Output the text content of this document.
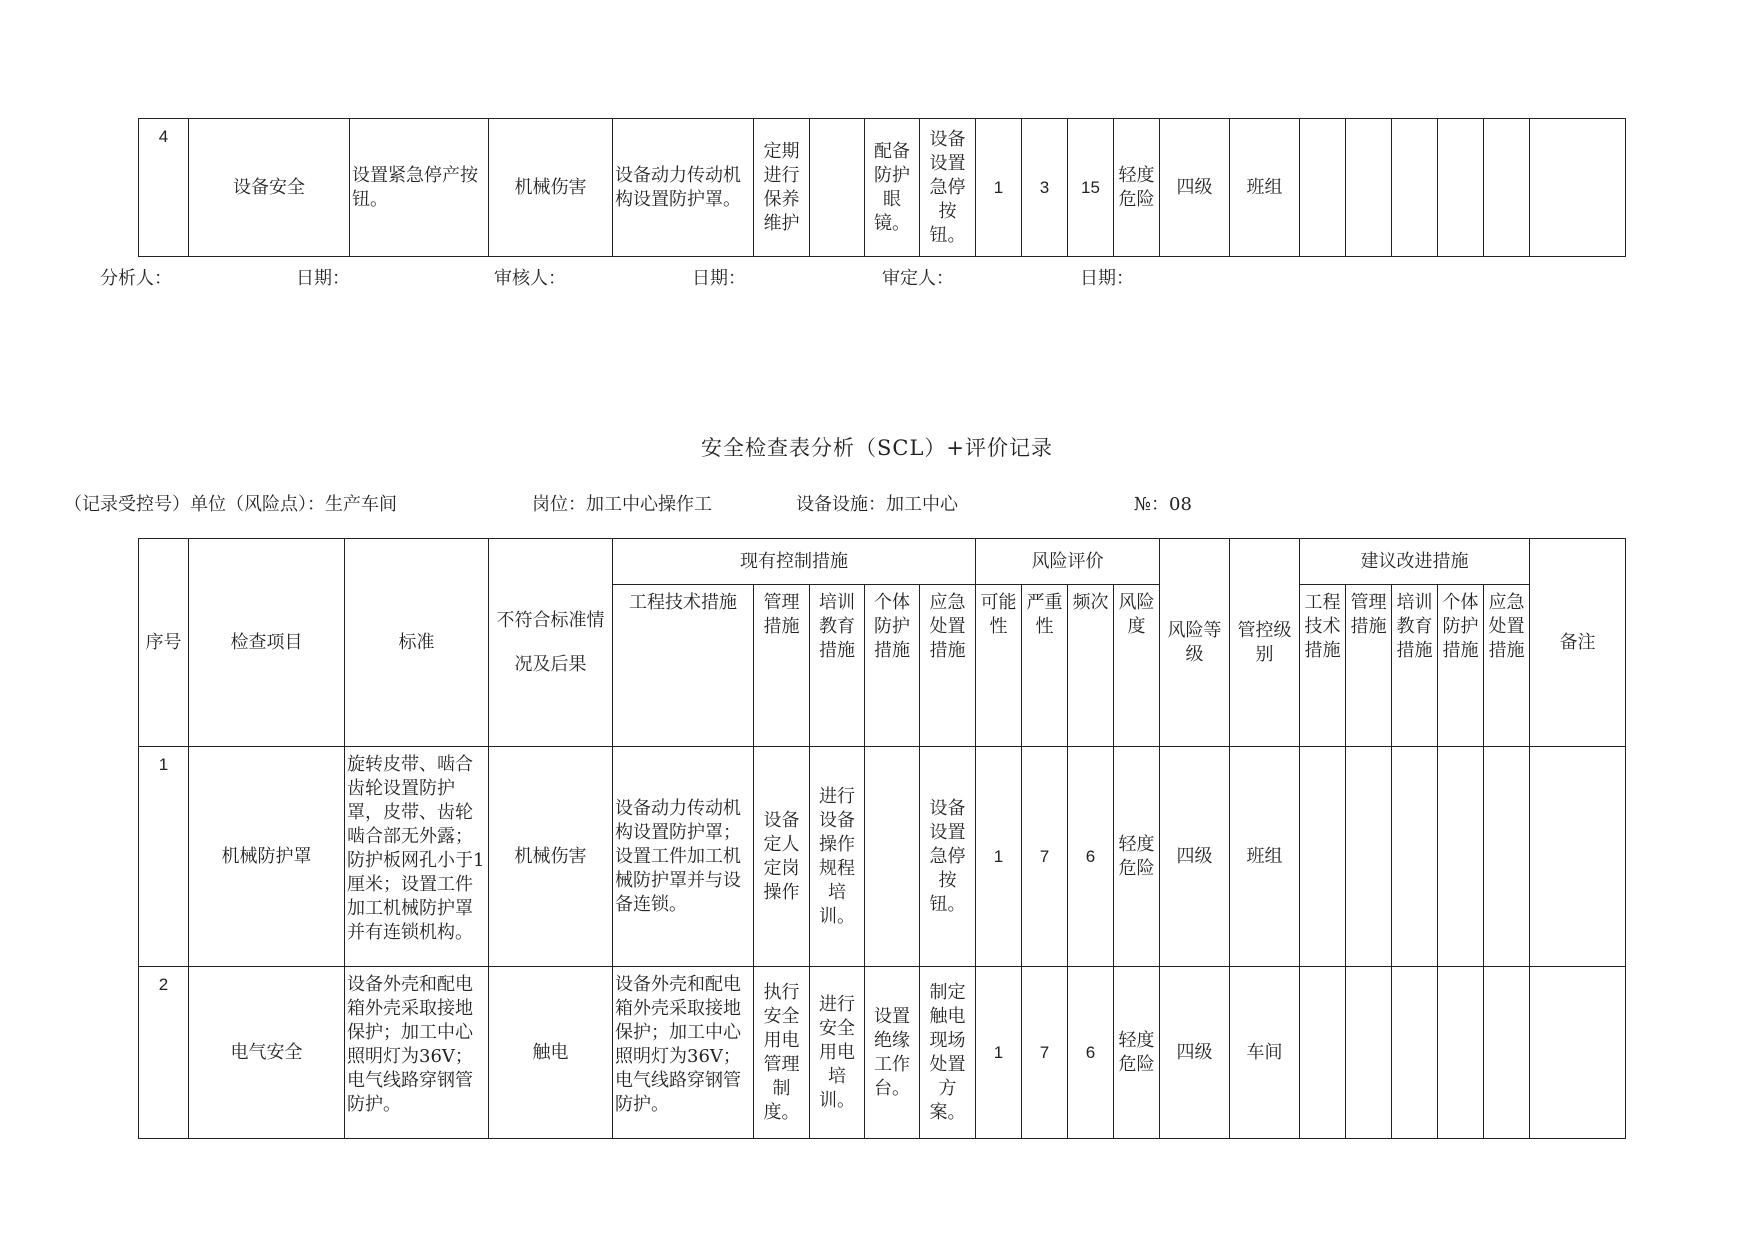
4	设备安全	设置紧急停产按钮。	机械伤害	设备动力传动机构设置防护罩。	定期进行保养维护		配备防护眼镜。	设备设置急停按钮。	1	3	15	轻度危险	四级	班组						
分析人：	日期：	审核人：	日期：	审定人：	日期：
安全检查表分析（SCL）+评价记录
（记录受控号）单位（风险点）：生产车间	岗位：加工中心操作工	设备设施：加工中心	№：08
序号	检查项目	标准	不符合标准情况及后果	现有控制措施					风险评价				风险等级	管控级别	建议改进措施					备注
				工程技术措施	管理措施	培训教育措施	个体防护措施	应急处置措施	可能性	严重性	频次	风险度			工程技术措施	管理措施	培训教育措施	个体防护措施	应急处置措施	
1	机械防护罩	旋转皮带、啮合齿轮设置防护罩，皮带、齿轮啮合部无外露；防护板网孔小于1厘米；设置工件加工机械防护罩并有连锁机构。	机械伤害	设备动力传动机构设置防护罩；设置工件加工机械防护罩并与设备连锁。	设备定人定岗操作	进行设备操作规程培训。		设备设置急停按钮。	1	7	6	轻度危险	四级	班组						
2	电气安全	设备外壳和配电箱外壳采取接地保护；加工中心照明灯为36V；电气线路穿钢管防护。	触电	设备外壳和配电箱外壳采取接地保护；加工中心照明灯为36V；电气线路穿钢管防护。	执行安全用电管理制度。	进行安全用电培训。	设置绝缘工作台。	制定触电现场处置方案。	1	7	6	轻度危险	四级	车间						
